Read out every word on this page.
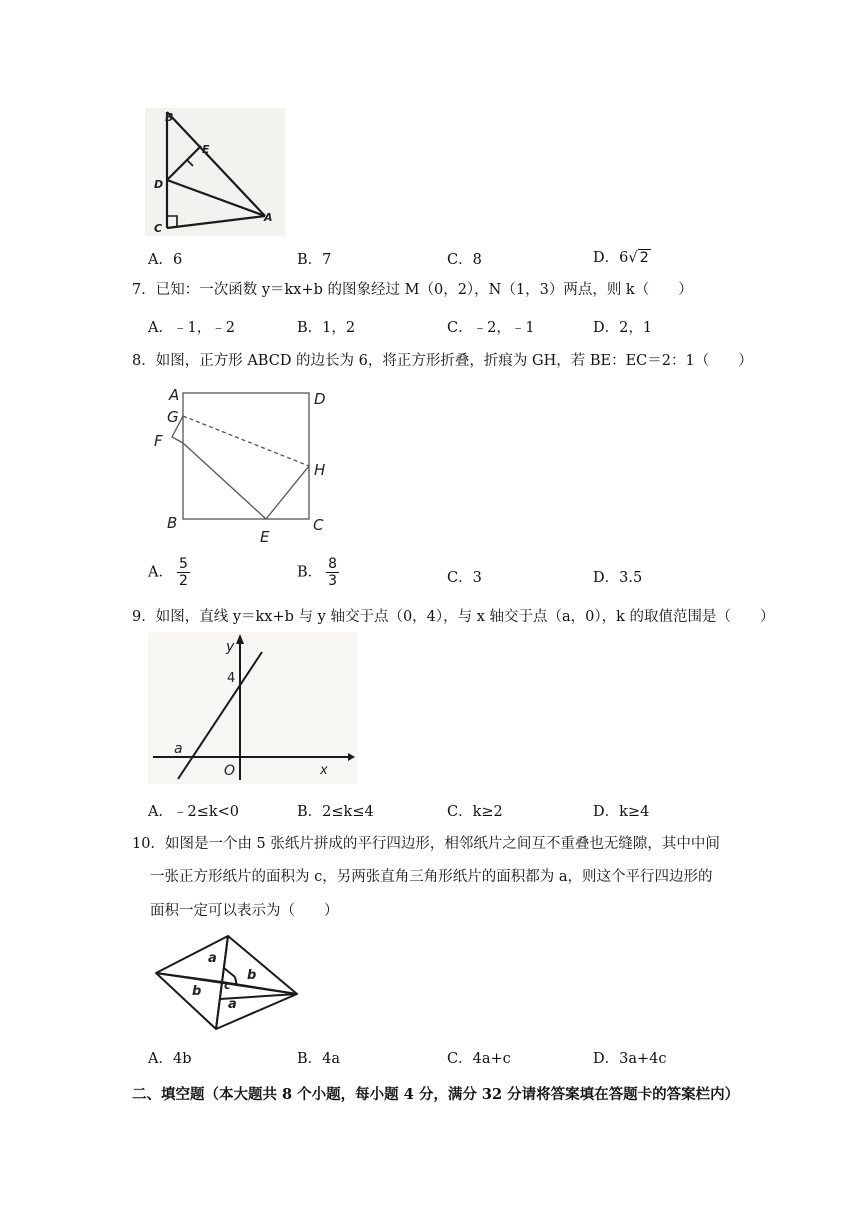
B
E
D
C
A
A．6	B．7	C．8	D．6√ 2
7．已知：一次函数 y＝kx+b 的图象经过 M（0，2），N（1，3）两点，则 k（　　）
A．﹣1，﹣2	B．1，2	C．﹣2，﹣1	D．2，1
8．如图，正方形 ABCD 的边长为 6，将正方形折叠，折痕为 GH，若 BE：EC＝2：1（　　）
A	D
G
F
H
B
E
C
A． $\frac{5}{2}$	B． $\frac{8}{3}$	C．3	D．3.5
9．如图，直线 y＝kx+b 与 y 轴交于点（0，4），与 x 轴交于点（a，0），k 的取值范围是（　　）
y
4
a
O	x
A．﹣2≤k<0	B．2≤k≤4	C．k≥2	D．k≥4
10．如图是一个由 5 张纸片拼成的平行四边形，相邻纸片之间互不重叠也无缝隙，其中中间
一张正方形纸片的面积为 c，另两张直角三角形纸片的面积都为 a，则这个平行四边形的
面积一定可以表示为（　　）
a
b
c
b
a
A．4b	B．4a	C．4a+c	D．3a+4c
二、填空题（本大题共 8 个小题，每小题 4 分，满分 32 分请将答案填在答题卡的答案栏内）
